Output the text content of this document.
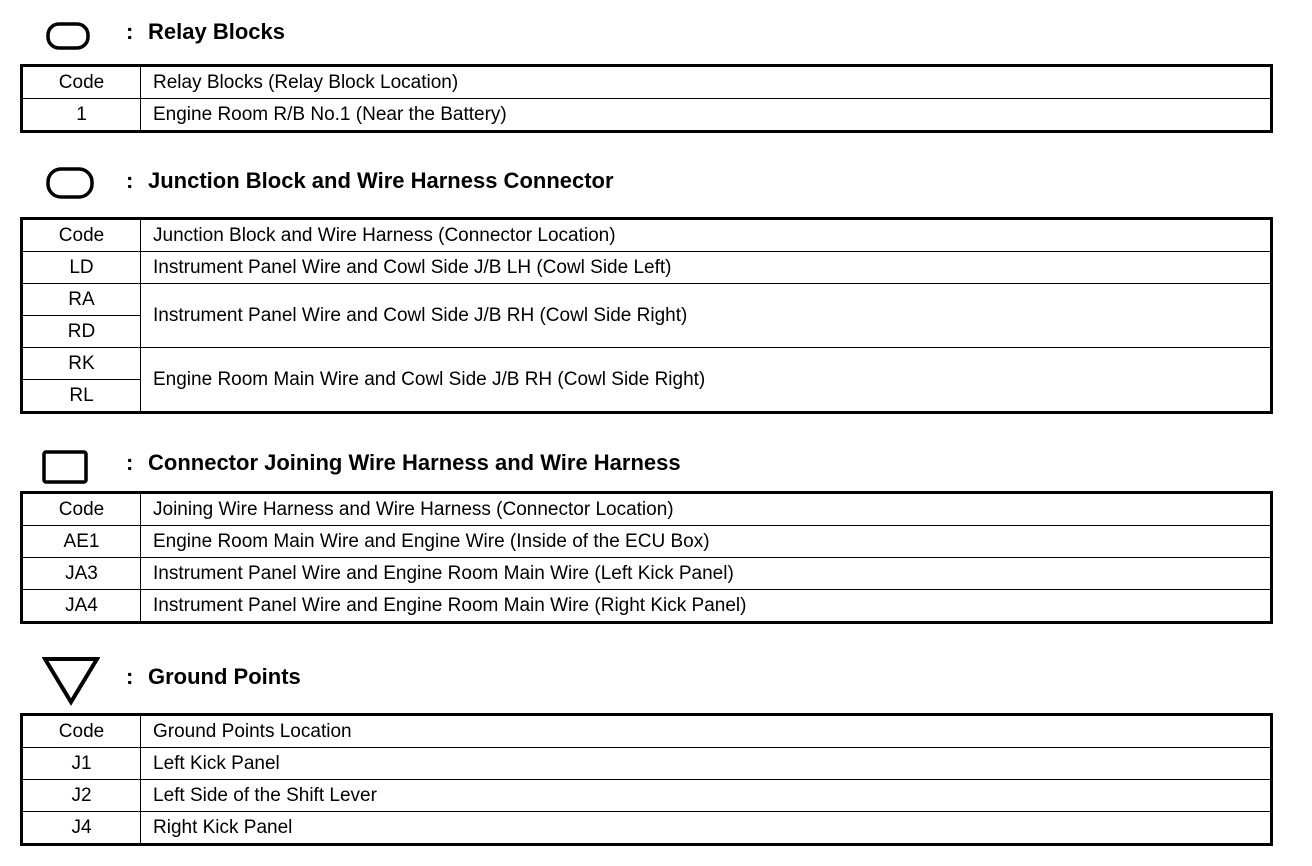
: Relay Blocks
Code	Relay Blocks (Relay Block Location)
1	Engine Room R/B No.1 (Near the Battery)
: Junction Block and Wire Harness Connector
Code	Junction Block and Wire Harness (Connector Location)
LD	Instrument Panel Wire and Cowl Side J/B LH (Cowl Side Left)
RA	Instrument Panel Wire and Cowl Side J/B RH (Cowl Side Right)
RD	
RK	Engine Room Main Wire and Cowl Side J/B RH (Cowl Side Right)
RL	
: Connector Joining Wire Harness and Wire Harness
Code	Joining Wire Harness and Wire Harness (Connector Location)
AE1	Engine Room Main Wire and Engine Wire (Inside of the ECU Box)
JA3	Instrument Panel Wire and Engine Room Main Wire (Left Kick Panel)
JA4	Instrument Panel Wire and Engine Room Main Wire (Right Kick Panel)
: Ground Points
Code	Ground Points Location
J1	Left Kick Panel
J2	Left Side of the Shift Lever
J4	Right Kick Panel
